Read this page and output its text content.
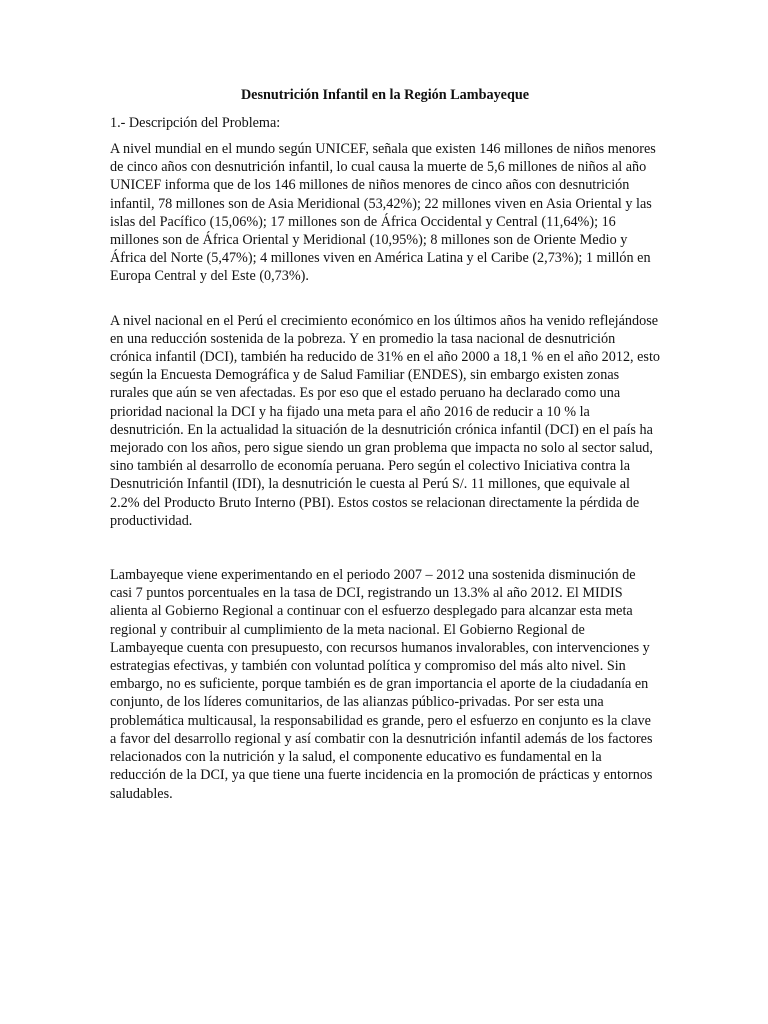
Desnutrición Infantil en la Región Lambayeque

1.- Descripción del Problema:

A nivel mundial en el mundo según UNICEF, señala que existen 146 millones de niños menores de cinco años con desnutrición infantil, lo cual causa la muerte de 5,6 millones de niños al año UNICEF informa que de los 146 millones de niños menores de cinco años con desnutrición infantil, 78 millones son de Asia Meridional (53,42%); 22 millones viven en Asia Oriental y las islas del Pacífico (15,06%); 17 millones son de África Occidental y Central (11,64%); 16 millones son de África Oriental y Meridional (10,95%); 8 millones son de Oriente Medio y África del Norte (5,47%); 4 millones viven en América Latina y el Caribe (2,73%); 1 millón en Europa Central y del Este (0,73%).

A nivel nacional en el Perú el crecimiento económico en los últimos años ha venido reflejándose en una reducción sostenida de la pobreza. Y en promedio la tasa nacional de desnutrición crónica infantil (DCI), también ha reducido de 31% en el año 2000 a 18,1 % en el año 2012, esto según la Encuesta Demográfica y de Salud Familiar (ENDES), sin embargo existen zonas rurales que aún se ven afectadas. Es por eso que el estado peruano ha declarado como una prioridad nacional la DCI y ha fijado una meta para el año 2016 de reducir a 10 % la desnutrición. En la actualidad la situación de la desnutrición crónica infantil (DCI) en el país ha mejorado con los años, pero sigue siendo un gran problema que impacta no solo al sector salud, sino también al desarrollo de economía peruana. Pero según el colectivo Iniciativa contra la Desnutrición Infantil (IDI), la desnutrición le cuesta al Perú S/. 11 millones, que equivale al 2.2% del Producto Bruto Interno (PBI). Estos costos se relacionan directamente la pérdida de productividad.

Lambayeque viene experimentando en el periodo 2007 – 2012 una sostenida disminución de casi 7 puntos porcentuales en la tasa de DCI, registrando un 13.3% al año 2012. El MIDIS alienta al Gobierno Regional a continuar con el esfuerzo desplegado para alcanzar esta meta regional y contribuir al cumplimiento de la meta nacional. El Gobierno Regional de Lambayeque cuenta con presupuesto, con recursos humanos invalorables, con intervenciones y estrategias efectivas, y también con voluntad política y compromiso del más alto nivel. Sin embargo, no es suficiente, porque también es de gran importancia el aporte de la ciudadanía en conjunto, de los líderes comunitarios, de las alianzas público-privadas. Por ser esta una problemática multicausal, la responsabilidad es grande, pero el esfuerzo en conjunto es la clave a favor del desarrollo regional y así combatir con la desnutrición infantil además de los factores relacionados con la nutrición y la salud, el componente educativo es fundamental en la reducción de la DCI, ya que tiene una fuerte incidencia en la promoción de prácticas y entornos saludables.
